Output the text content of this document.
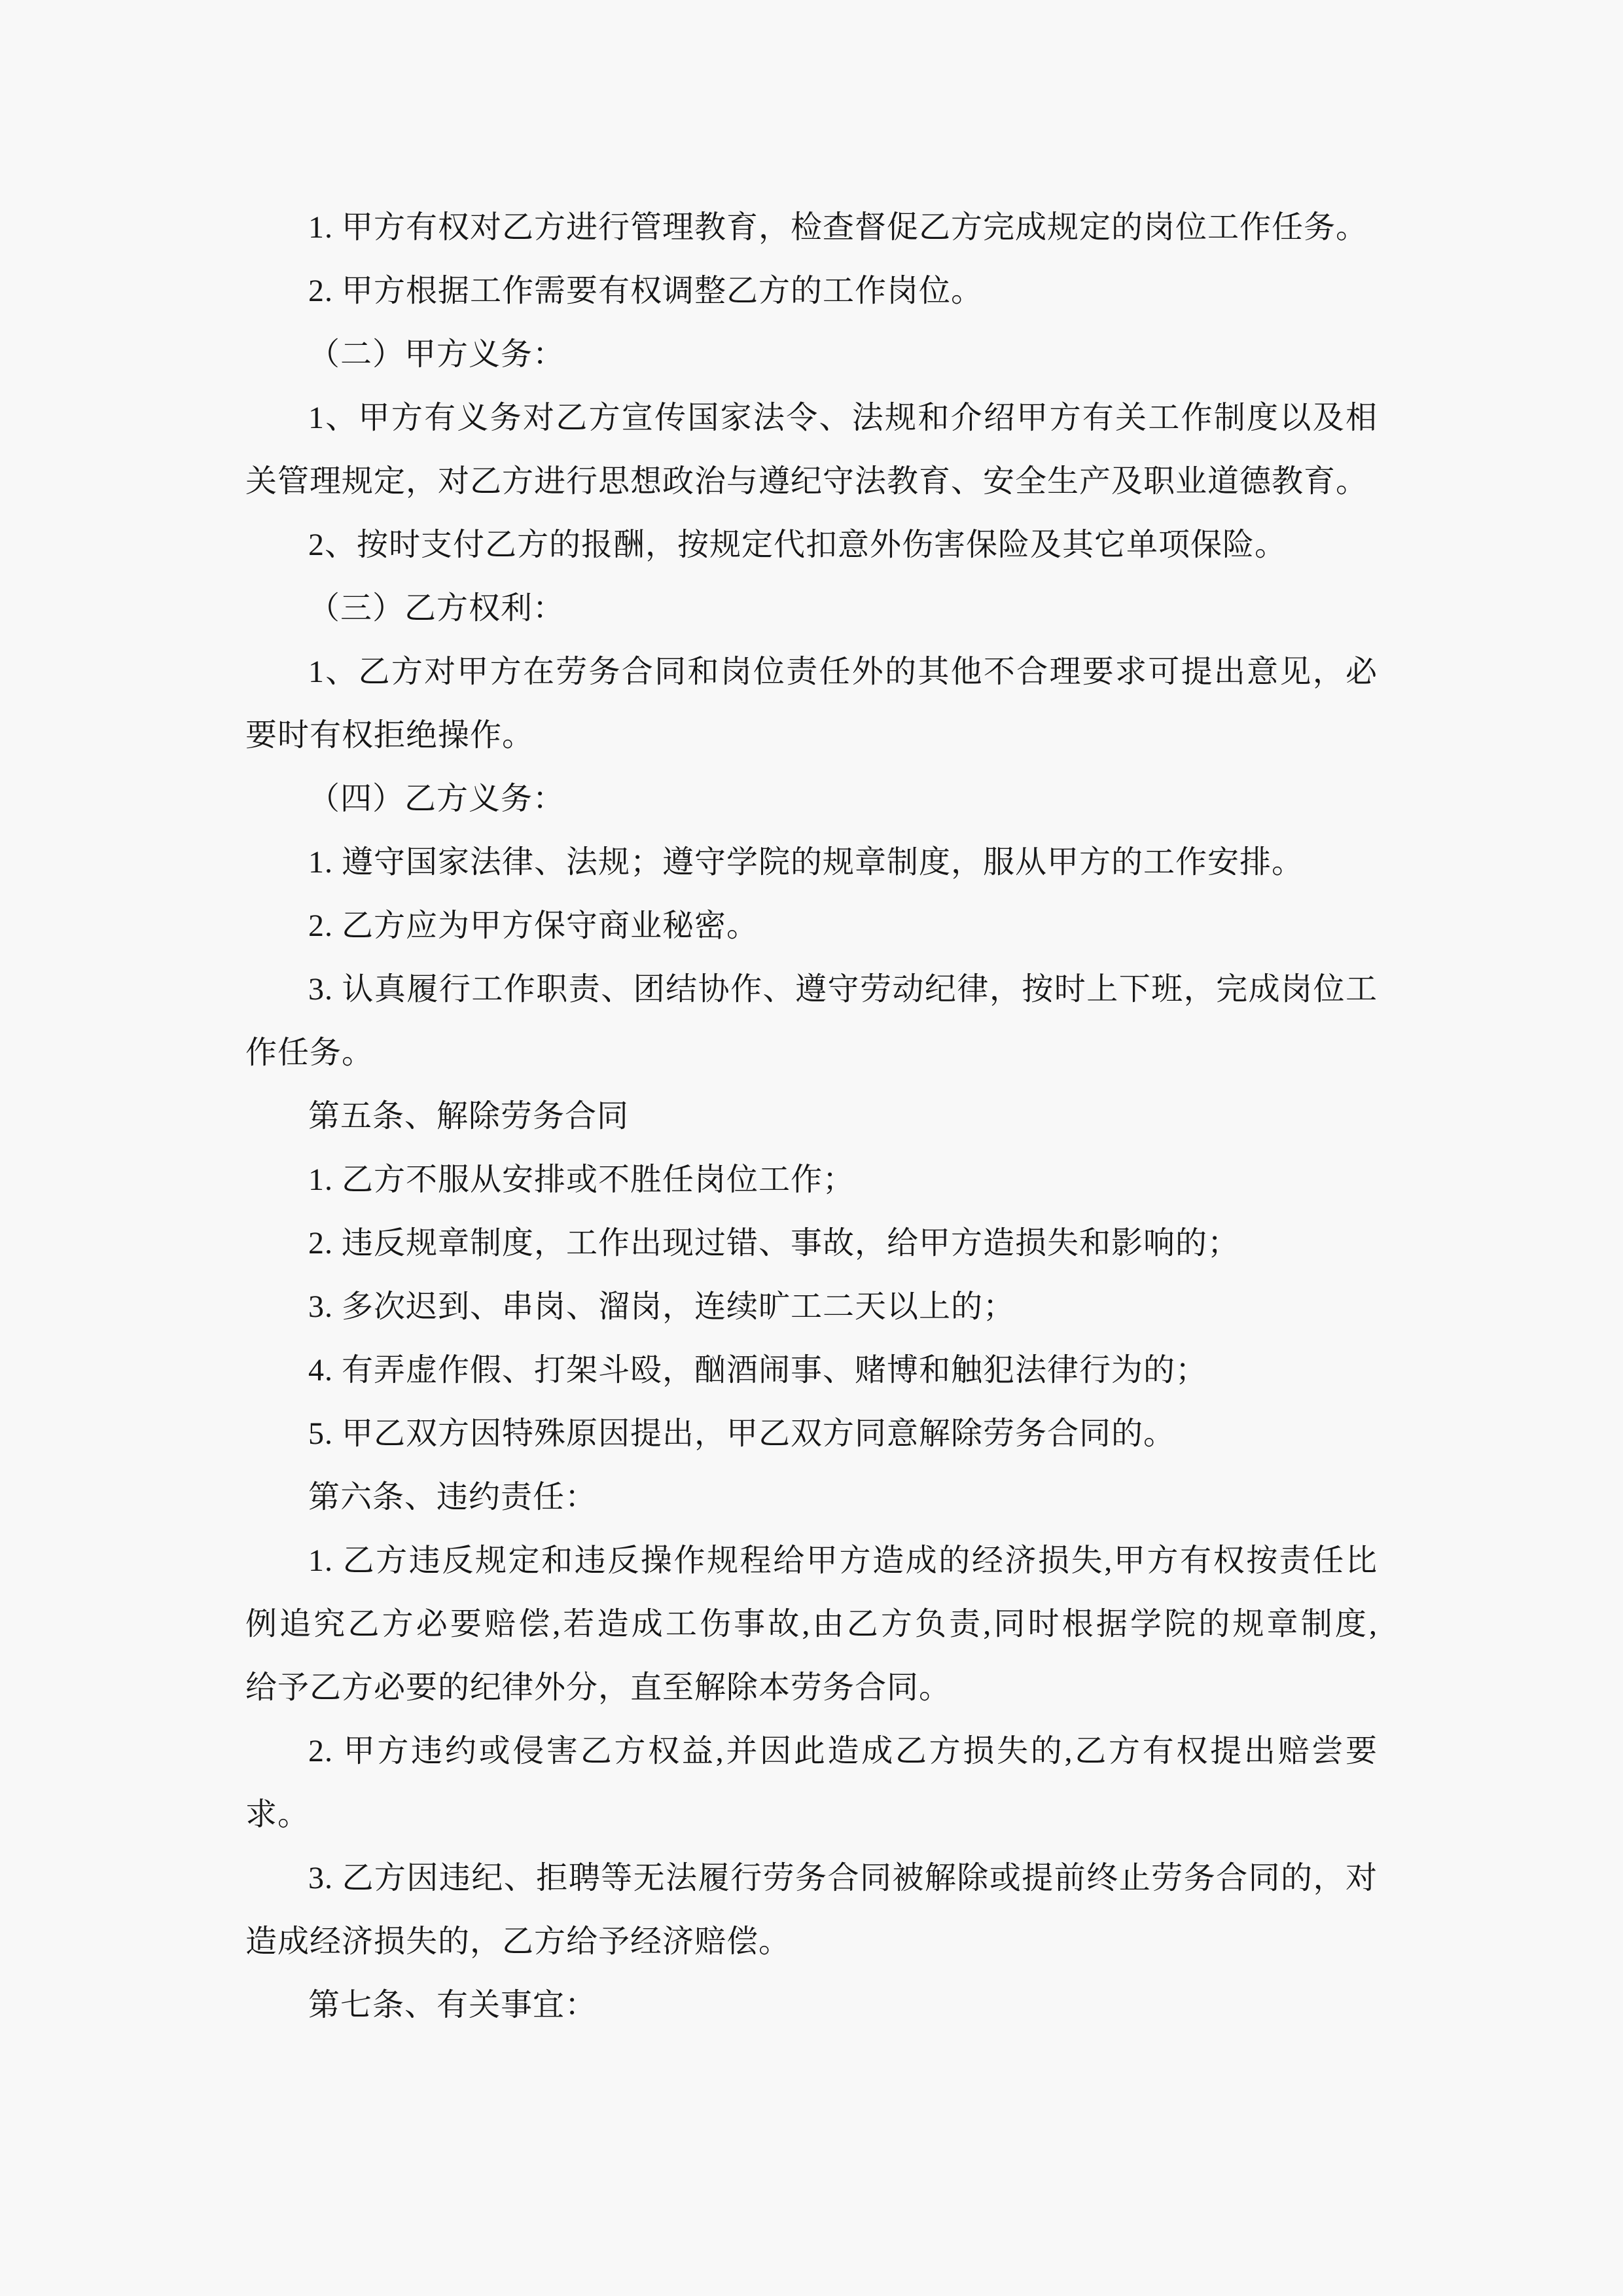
1. 甲方有权对乙方进行管理教育，检查督促乙方完成规定的岗位工作任务。
2. 甲方根据工作需要有权调整乙方的工作岗位。
（二）甲方义务：
1、甲方有义务对乙方宣传国家法令、法规和介绍甲方有关工作制度以及相
关管理规定，对乙方进行思想政治与遵纪守法教育、安全生产及职业道德教育。
2、按时支付乙方的报酬，按规定代扣意外伤害保险及其它单项保险。
（三）乙方权利：
1、乙方对甲方在劳务合同和岗位责任外的其他不合理要求可提出意见，必
要时有权拒绝操作。
（四）乙方义务：
1. 遵守国家法律、法规；遵守学院的规章制度，服从甲方的工作安排。
2. 乙方应为甲方保守商业秘密。
3. 认真履行工作职责、团结协作、遵守劳动纪律，按时上下班，完成岗位工
作任务。
第五条、解除劳务合同
1. 乙方不服从安排或不胜任岗位工作；
2. 违反规章制度，工作出现过错、事故，给甲方造损失和影响的；
3. 多次迟到、串岗、溜岗，连续旷工二天以上的；
4. 有弄虚作假、打架斗殴，酗酒闹事、赌博和触犯法律行为的；
5. 甲乙双方因特殊原因提出，甲乙双方同意解除劳务合同的。
第六条、违约责任：
1. 乙方违反规定和违反操作规程给甲方造成的经济损失,甲方有权按责任比
例追究乙方必要赔偿,若造成工伤事故,由乙方负责,同时根据学院的规章制度,
给予乙方必要的纪律外分，直至解除本劳务合同。
2. 甲方违约或侵害乙方权益,并因此造成乙方损失的,乙方有权提出赔尝要
求。
3. 乙方因违纪、拒聘等无法履行劳务合同被解除或提前终止劳务合同的，对
造成经济损失的，乙方给予经济赔偿。
第七条、有关事宜：
